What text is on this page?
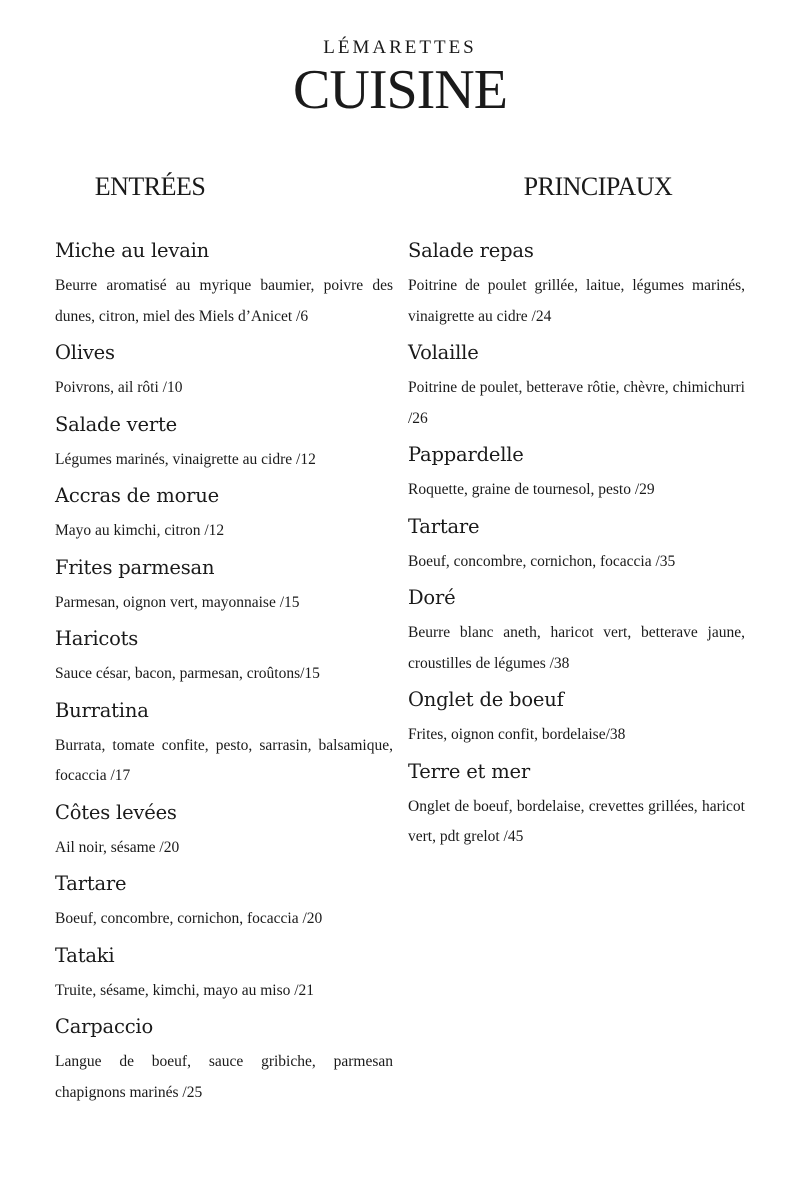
LÉMARETTES
CUISINE
ENTRÉES
Miche au levain
Beurre aromatisé au myrique baumier, poivre des dunes, citron, miel des Miels d’Anicet /6
Olives
Poivrons, ail rôti /10
Salade verte
Légumes marinés, vinaigrette au cidre /12
Accras de morue
Mayo au kimchi, citron /12
Frites parmesan
Parmesan, oignon vert, mayonnaise /15
Haricots
Sauce césar, bacon, parmesan, croûtons/15
Burratina
Burrata, tomate confite, pesto, sarrasin, balsamique, focaccia /17
Côtes levées
Ail noir, sésame /20
Tartare
Boeuf, concombre, cornichon, focaccia /20
Tataki
Truite, sésame, kimchi, mayo au miso /21
Carpaccio
Langue de boeuf, sauce gribiche, parmesan chapignons marinés /25
PRINCIPAUX
Salade repas
Poitrine de poulet grillée, laitue, légumes marinés, vinaigrette au cidre /24
Volaille
Poitrine de poulet, betterave rôtie, chèvre, chimichurri /26
Pappardelle
Roquette, graine de tournesol, pesto /29
Tartare
Boeuf, concombre, cornichon, focaccia /35
Doré
Beurre blanc aneth, haricot vert, betterave jaune, croustilles de légumes /38
Onglet de boeuf
Frites, oignon confit, bordelaise/38
Terre et mer
Onglet de boeuf, bordelaise, crevettes grillées, haricot vert, pdt grelot /45
